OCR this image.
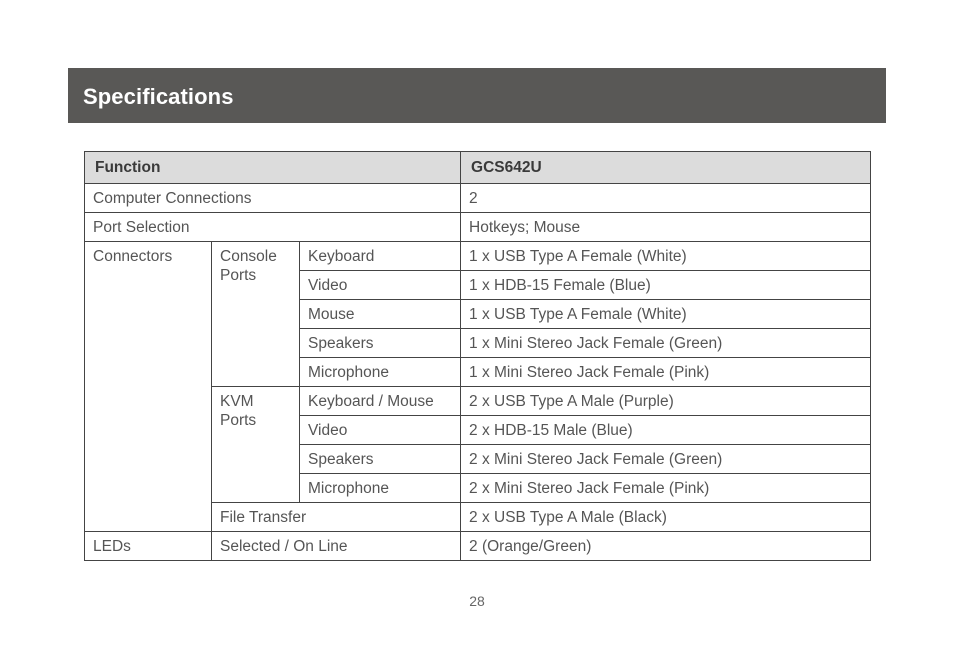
Specifications
Function			GCS642U
Computer Connections			2
Port Selection			Hotkeys; Mouse
Connectors	Console Ports	Keyboard	1 x USB Type A Female (White)
		Video	1 x HDB-15 Female (Blue)
		Mouse	1 x USB Type A Female (White)
		Speakers	1 x Mini Stereo Jack Female (Green)
		Microphone	1 x Mini Stereo Jack Female (Pink)
	KVM Ports	Keyboard / Mouse	2 x USB Type A Male (Purple)
		Video	2 x HDB-15 Male (Blue)
		Speakers	2 x Mini Stereo Jack Female (Green)
		Microphone	2 x Mini Stereo Jack Female (Pink)
	File Transfer		2 x USB Type A Male (Black)
LEDs	Selected / On Line		2 (Orange/Green)
28
